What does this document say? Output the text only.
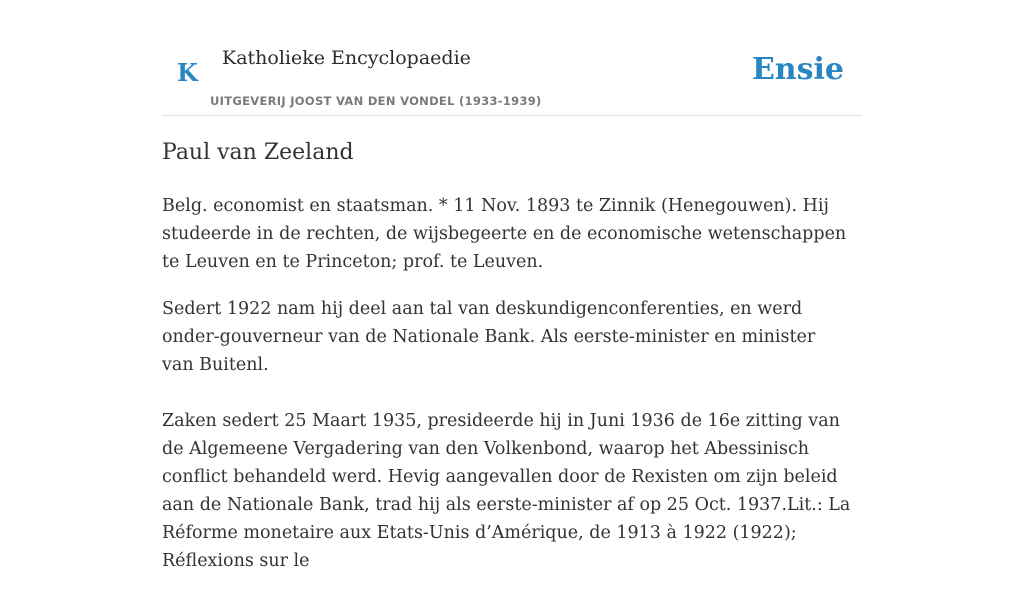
K Katholieke Encyclopaedie
UITGEVERIJ JOOST VAN DEN VONDEL (1933-1939)
Ensie
Paul van Zeeland

Belg. economist en staatsman. * 11 Nov. 1893 te Zinnik (Henegouwen). Hij studeerde in de rechten, de wijsbegeerte en de economische wetenschappen te Leuven en te Princeton; prof. te Leuven.

Sedert 1922 nam hij deel aan tal van deskundigenconferenties, en werd onder-gouverneur van de Nationale Bank. Als eerste-minister en minister van Buitenl.

Zaken sedert 25 Maart 1935, presideerde hij in Juni 1936 de 16e zitting van de Algemeene Vergadering van den Volkenbond, waarop het Abessinisch conflict behandeld werd. Hevig aangevallen door de Rexisten om zijn beleid aan de Nationale Bank, trad hij als eerste-minister af op 25 Oct. 1937.Lit.: La Réforme monetaire aux Etats-Unis d’Amérique, de 1913 à 1922 (1922); Réflexions sur le
